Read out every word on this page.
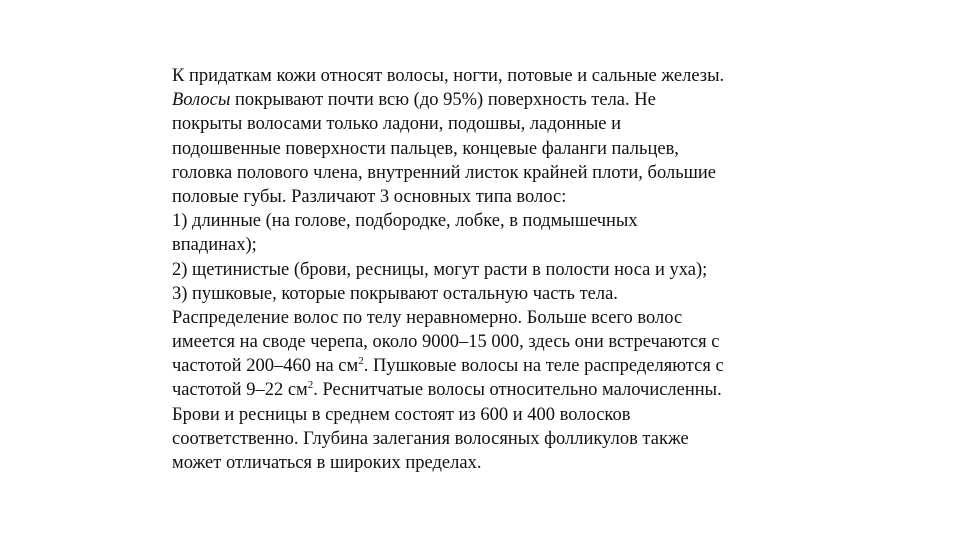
К придаткам кожи относят волосы, ногти, потовые и сальные железы.
Волосы покрывают почти всю (до 95%) поверхность тела. Не
покрыты волосами только ладони, подошвы, ладонные и
подошвенные поверхности пальцев, концевые фаланги пальцев,
головка полового члена, внутренний листок крайней плоти, большие
половые губы. Различают 3 основных типа волос:
1) длинные (на голове, подбородке, лобке, в подмышечных
впадинах);
2) щетинистые (брови, ресницы, могут расти в полости носа и уха);
3) пушковые, которые покрывают остальную часть тела.
Распределение волос по телу неравномерно. Больше всего волос
имеется на своде черепа, около 9000–15 000, здесь они встречаются с
частотой 200–460 на $см^2$. Пушковые волосы на теле распределяются с
частотой 9–22 $см^2$. Реснитчатые волосы относительно малочисленны.
Брови и ресницы в среднем состоят из 600 и 400 волосков
соответственно. Глубина залегания волосяных фолликулов также
может отличаться в широких пределах.
